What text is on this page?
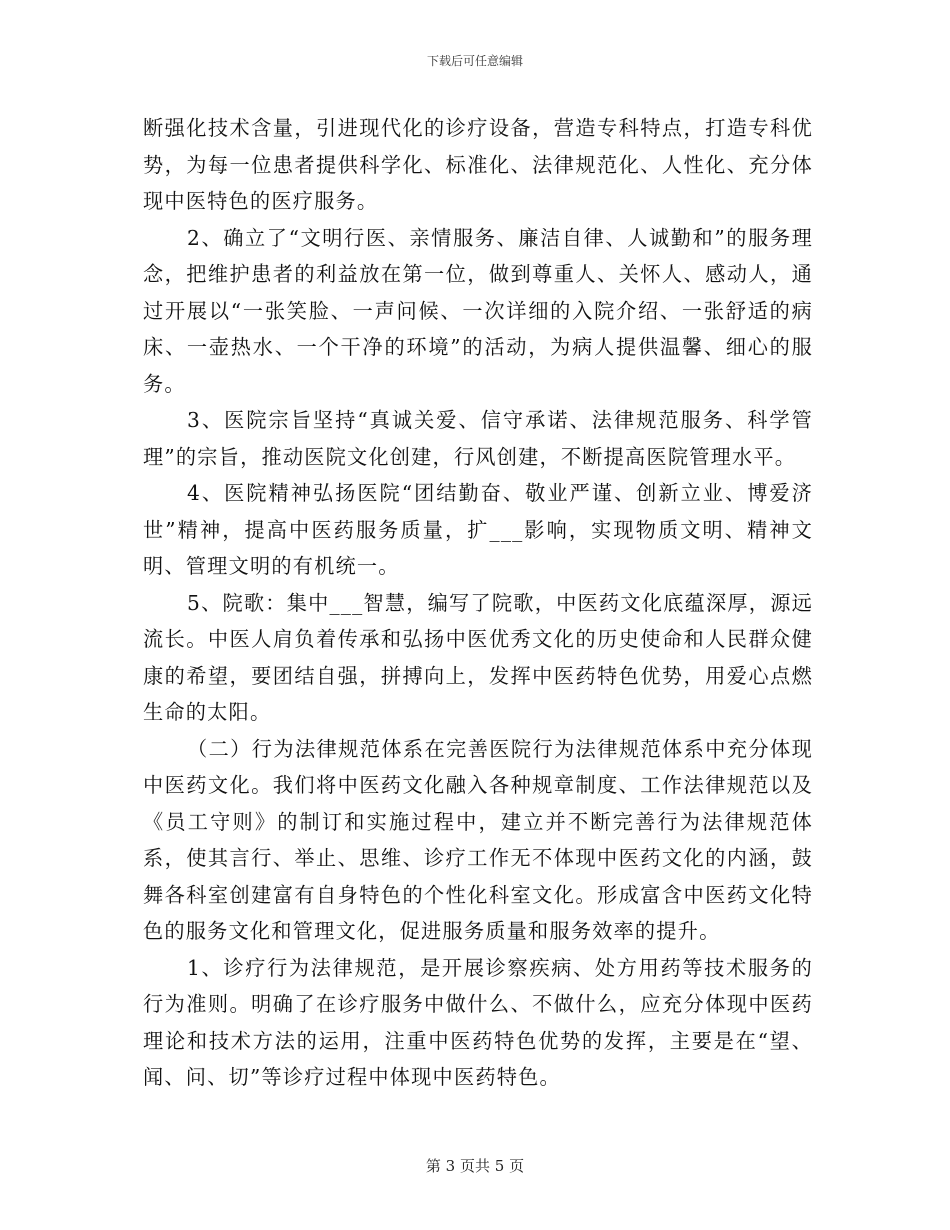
下载后可任意编辑

断强化技术含量，引进现代化的诊疗设备，营造专科特点，打造专科优势，为每一位患者提供科学化、标准化、法律规范化、人性化、充分体现中医特色的医疗服务。

2、确立了“文明行医、亲情服务、廉洁自律、人诚勤和”的服务理念，把维护患者的利益放在第一位，做到尊重人、关怀人、感动人，通过开展以“一张笑脸、一声问候、一次详细的入院介绍、一张舒适的病床、一壶热水、一个干净的环境”的活动，为病人提供温馨、细心的服务。

3、医院宗旨坚持“真诚关爱、信守承诺、法律规范服务、科学管理”的宗旨，推动医院文化创建，行风创建，不断提高医院管理水平。

4、医院精神弘扬医院“团结勤奋、敬业严谨、创新立业、博爱济世”精神，提高中医药服务质量，扩___影响，实现物质文明、精神文明、管理文明的有机统一。

5、院歌：集中___智慧，编写了院歌，中医药文化底蕴深厚，源远流长。中医人肩负着传承和弘扬中医优秀文化的历史使命和人民群众健康的希望，要团结自强，拼搏向上，发挥中医药特色优势，用爱心点燃生命的太阳。

（二）行为法律规范体系在完善医院行为法律规范体系中充分体现中医药文化。我们将中医药文化融入各种规章制度、工作法律规范以及《员工守则》的制订和实施过程中，建立并不断完善行为法律规范体系，使其言行、举止、思维、诊疗工作无不体现中医药文化的内涵，鼓舞各科室创建富有自身特色的个性化科室文化。形成富含中医药文化特色的服务文化和管理文化，促进服务质量和服务效率的提升。

1、诊疗行为法律规范，是开展诊察疾病、处方用药等技术服务的行为准则。明确了在诊疗服务中做什么、不做什么，应充分体现中医药理论和技术方法的运用，注重中医药特色优势的发挥，主要是在“望、闻、问、切”等诊疗过程中体现中医药特色。

第 3 页共 5 页
